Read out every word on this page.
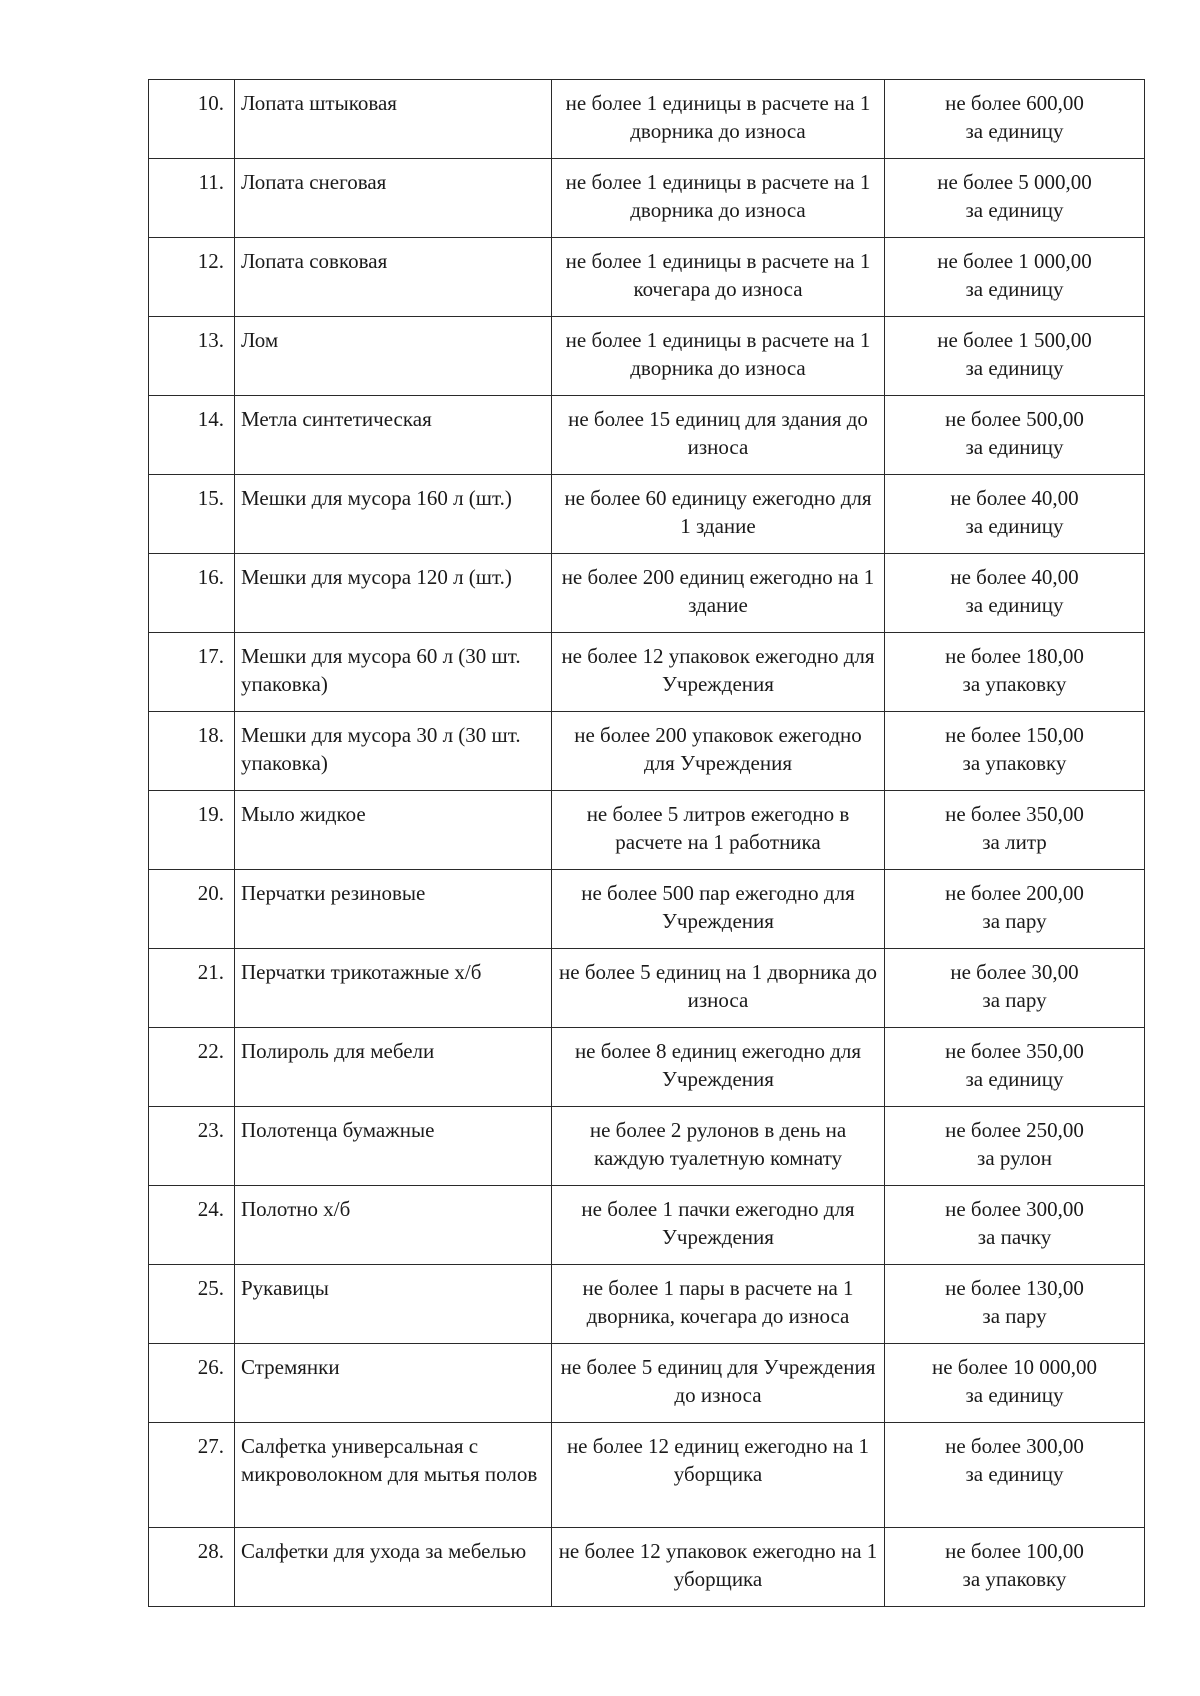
10.	Лопата штыковая	не более 1 единицы в расчете на 1 дворника до износа	не более 600,00
за единицу

11.	Лопата снеговая	не более 1 единицы в расчете на 1 дворника до износа	не более 5 000,00
за единицу

12.	Лопата совковая	не более 1 единицы в расчете на 1 кочегара до износа	не более 1 000,00
за единицу

13.	Лом	не более 1 единицы в расчете на 1 дворника до износа	не более 1 500,00
за единицу

14.	Метла синтетическая	не более 15 единиц для здания до износа	не более 500,00
за единицу

15.	Мешки для мусора 160 л (шт.)	не более 60 единицу ежегодно для 1 здание	не более 40,00
за единицу

16.	Мешки для мусора 120 л (шт.)	не более 200 единиц ежегодно на 1 здание	не более 40,00
за единицу

17.	Мешки для мусора 60 л (30 шт. упаковка)	не более 12 упаковок ежегодно для Учреждения	не более 180,00
за упаковку

18.	Мешки для мусора 30 л (30 шт. упаковка)	не более 200 упаковок ежегодно для Учреждения	не более 150,00
за упаковку

19.	Мыло жидкое	не более 5 литров ежегодно в расчете на 1 работника	не более 350,00
за литр

20.	Перчатки резиновые	не более 500 пар ежегодно для Учреждения	не более 200,00
за пару

21.	Перчатки трикотажные х/б	не более 5 единиц на 1 дворника до износа	не более 30,00
за пару

22.	Полироль для мебели	не более 8 единиц ежегодно для Учреждения	не более 350,00
за единицу

23.	Полотенца бумажные	не более 2 рулонов в день на каждую туалетную комнату	не более 250,00
за рулон

24.	Полотно х/б	не более 1 пачки ежегодно для Учреждения	не более 300,00
за пачку

25.	Рукавицы	не более 1 пары в расчете на 1 дворника, кочегара до износа	не более 130,00
за пару

26.	Стремянки	не более 5 единиц для Учреждения до износа	не более 10 000,00
за единицу

27.	Салфетка универсальная с микроволокном для мытья полов	не более 12 единиц ежегодно на 1 уборщика	не более 300,00
за единицу

28.	Салфетки для ухода за мебелью	не более 12 упаковок ежегодно на 1 уборщика	не более 100,00
за упаковку
